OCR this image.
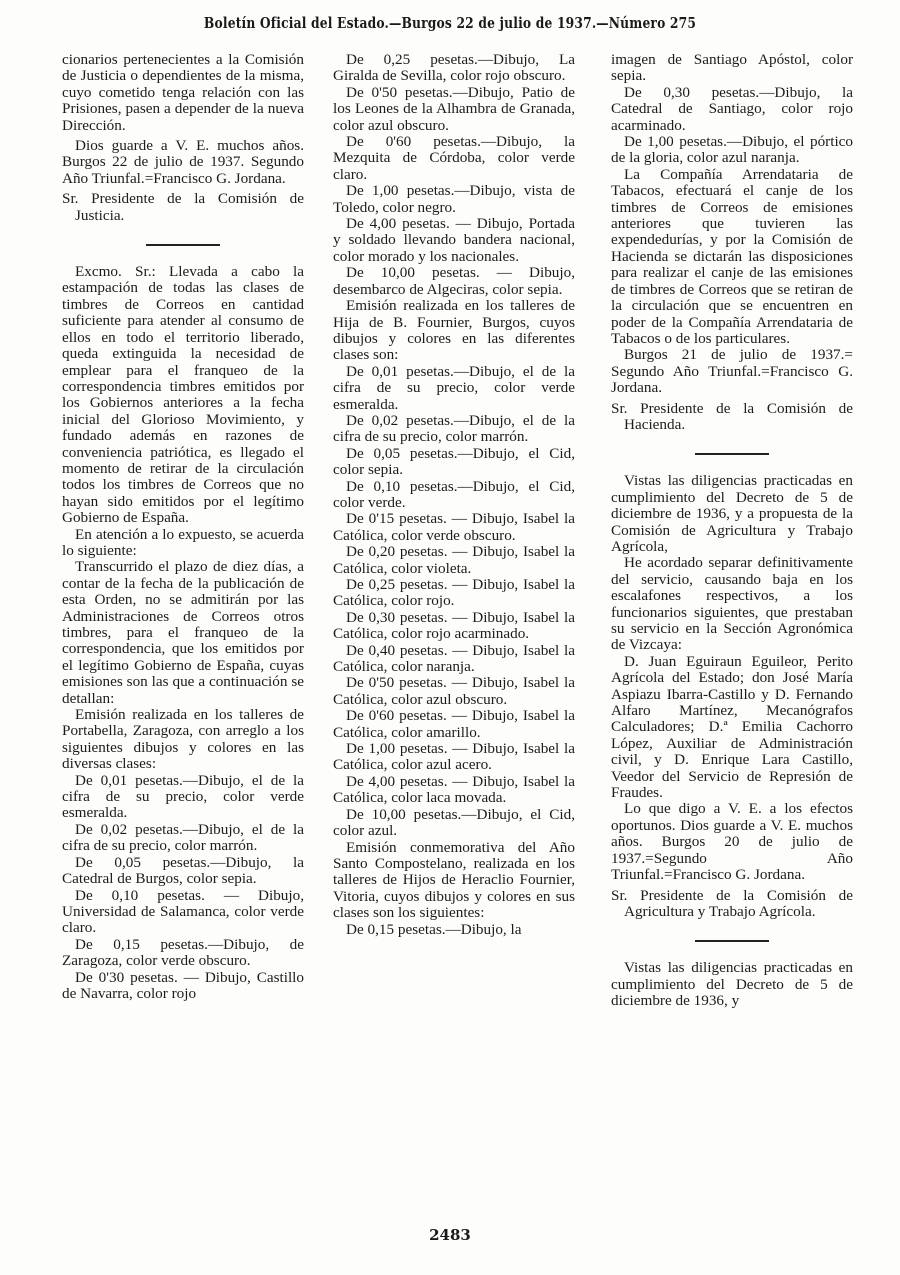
Boletín Oficial del Estado.—Burgos 22 de julio de 1937.—Número 275

cionarios pertenecientes a la Comisión de Justicia o dependientes de la misma, cuyo cometido tenga relación con las Prisiones, pasen a depender de la nueva Dirección.

Dios guarde a V. E. muchos años. Burgos 22 de julio de 1937. Segundo Año Triunfal.=Francisco G. Jordana.

Sr. Presidente de la Comisión de Justicia.

Excmo. Sr.: Llevada a cabo la estampación de todas las clases de timbres de Correos en cantidad suficiente para atender al consumo de ellos en todo el territorio liberado, queda extinguida la necesidad de emplear para el franqueo de la correspondencia timbres emitidos por los Gobiernos anteriores a la fecha inicial del Glorioso Movimiento, y fundado además en razones de conveniencia patriótica, es llegado el momento de retirar de la circulación todos los timbres de Correos que no hayan sido emitidos por el legítimo Gobierno de España.

En atención a lo expuesto, se acuerda lo siguiente:

Transcurrido el plazo de diez días, a contar de la fecha de la publicación de esta Orden, no se admitirán por las Administraciones de Correos otros timbres, para el franqueo de la correspondencia, que los emitidos por el legítimo Gobierno de España, cuyas emisiones son las que a continuación se detallan:

Emisión realizada en los talleres de Portabella, Zaragoza, con arreglo a los siguientes dibujos y colores en las diversas clases:

De 0,01 pesetas.—Dibujo, el de la cifra de su precio, color verde esmeralda.

De 0,02 pesetas.—Dibujo, el de la cifra de su precio, color marrón.

De 0,05 pesetas.—Dibujo, la Catedral de Burgos, color sepia.

De 0,10 pesetas. — Dibujo, Universidad de Salamanca, color verde claro.

De 0,15 pesetas.—Dibujo, de Zaragoza, color verde obscuro.

De 0'30 pesetas. — Dibujo, Castillo de Navarra, color rojo

De 0,25 pesetas.—Dibujo, La Giralda de Sevilla, color rojo obscuro.

De 0'50 pesetas.—Dibujo, Patio de los Leones de la Alhambra de Granada, color azul obscuro.

De 0'60 pesetas.—Dibujo, la Mezquita de Córdoba, color verde claro.

De 1,00 pesetas.—Dibujo, vista de Toledo, color negro.

De 4,00 pesetas. — Dibujo, Portada y soldado llevando bandera nacional, color morado y los nacionales.

De 10,00 pesetas. — Dibujo, desembarco de Algeciras, color sepia.

Emisión realizada en los talleres de Hija de B. Fournier, Burgos, cuyos dibujos y colores en las diferentes clases son:

De 0,01 pesetas.—Dibujo, el de la cifra de su precio, color verde esmeralda.

De 0,02 pesetas.—Dibujo, el de la cifra de su precio, color marrón.

De 0,05 pesetas.—Dibujo, el Cid, color sepia.

De 0,10 pesetas.—Dibujo, el Cid, color verde.

De 0'15 pesetas. — Dibujo, Isabel la Católica, color verde obscuro.

De 0,20 pesetas. — Dibujo, Isabel la Católica, color violeta.

De 0,25 pesetas. — Dibujo, Isabel la Católica, color rojo.

De 0,30 pesetas. — Dibujo, Isabel la Católica, color rojo acarminado.

De 0,40 pesetas. — Dibujo, Isabel la Católica, color naranja.

De 0'50 pesetas. — Dibujo, Isabel la Católica, color azul obscuro.

De 0'60 pesetas. — Dibujo, Isabel la Católica, color amarillo.

De 1,00 pesetas. — Dibujo, Isabel la Católica, color azul acero.

De 4,00 pesetas. — Dibujo, Isabel la Católica, color laca movada.

De 10,00 pesetas.—Dibujo, el Cid, color azul.

Emisión conmemorativa del Año Santo Compostelano, realizada en los talleres de Hijos de Heraclio Fournier, Vitoria, cuyos dibujos y colores en sus clases son los siguientes:

De 0,15 pesetas.—Dibujo, la

imagen de Santiago Apóstol, color sepia.

De 0,30 pesetas.—Dibujo, la Catedral de Santiago, color rojo acarminado.

De 1,00 pesetas.—Dibujo, el pórtico de la gloria, color azul naranja.

La Compañía Arrendataria de Tabacos, efectuará el canje de los timbres de Correos de emisiones anteriores que tuvieren las expendedurías, y por la Comisión de Hacienda se dictarán las disposiciones para realizar el canje de las emisiones de timbres de Correos que se retiran de la circulación que se encuentren en poder de la Compañía Arrendataria de Tabacos o de los particulares.

Burgos 21 de julio de 1937.= Segundo Año Triunfal.=Francisco G. Jordana.

Sr. Presidente de la Comisión de Hacienda.

Vistas las diligencias practicadas en cumplimiento del Decreto de 5 de diciembre de 1936, y a propuesta de la Comisión de Agricultura y Trabajo Agrícola,

He acordado separar definitivamente del servicio, causando baja en los escalafones respectivos, a los funcionarios siguientes, que prestaban su servicio en la Sección Agronómica de Vizcaya:

D. Juan Eguiraun Eguileor, Perito Agrícola del Estado; don José María Aspiazu Ibarra-Castillo y D. Fernando Alfaro Martínez, Mecanógrafos Calculadores; D.ª Emilia Cachorro López, Auxiliar de Administración civil, y D. Enrique Lara Castillo, Veedor del Servicio de Represión de Fraudes.

Lo que digo a V. E. a los efectos oportunos. Dios guarde a V. E. muchos años. Burgos 20 de julio de 1937.=Segundo Año Triunfal.=Francisco G. Jordana.

Sr. Presidente de la Comisión de Agricultura y Trabajo Agrícola.

Vistas las diligencias practicadas en cumplimiento del Decreto de 5 de diciembre de 1936, y

2483
